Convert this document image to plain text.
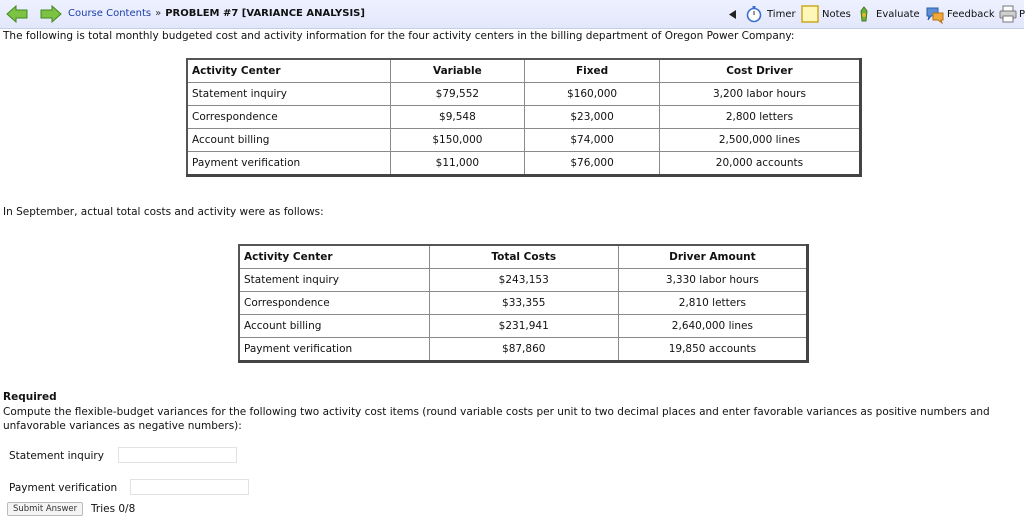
Course Contents » PROBLEM #7 [VARIANCE ANALYSIS]	Timer	Notes	Evaluate	Feedback P
The following is total monthly budgeted cost and activity information for the four activity centers in the billing department of Oregon Power Company:
Activity Center	Variable	Fixed	Cost Driver
Statement inquiry	$79,552	$160,000	3,200 labor hours
Correspondence	$9,548	$23,000	2,800 letters
Account billing	$150,000	$74,000	2,500,000 lines
Payment verification	$11,000	$76,000	20,000 accounts
In September, actual total costs and activity were as follows:
Activity Center	Total Costs	Driver Amount
Statement inquiry	$243,153	3,330 labor hours
Correspondence	$33,355	2,810 letters
Account billing	$231,941	2,640,000 lines
Payment verification	$87,860	19,850 accounts
Required
Compute the flexible-budget variances for the following two activity cost items (round variable costs per unit to two decimal places and enter favorable variances as positive numbers and unfavorable variances as negative numbers):
Statement inquiry
Payment verification
Submit Answer	Tries 0/8
